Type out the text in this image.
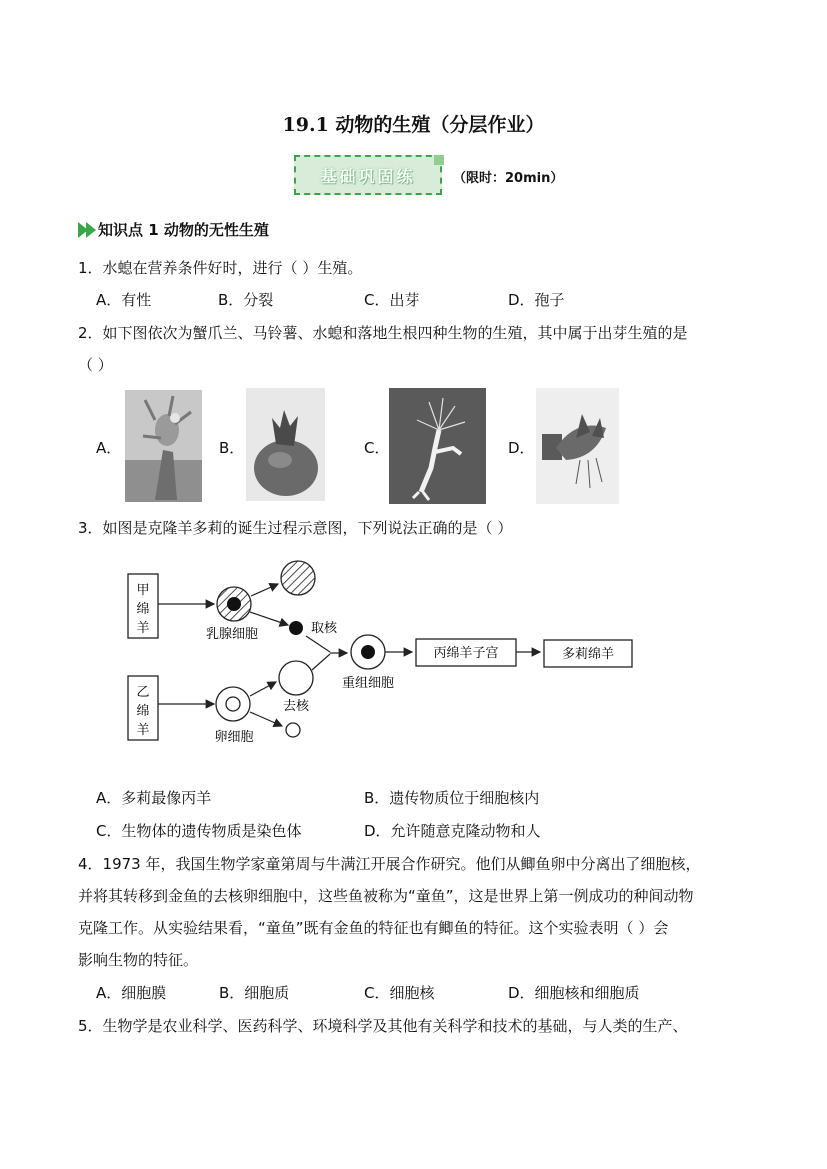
19.1 动物的生殖（分层作业）
基础巩固练	（限时：20min）
知识点 1 动物的无性生殖
1．水螅在营养条件好时，进行（ ）生殖。
A．有性	B．分裂	C．出芽	D．孢子
2．如下图依次为蟹爪兰、马铃薯、水螅和落地生根四种生物的生殖，其中属于出芽生殖的是
（ ）
A．	B．	C．	D．
3．如图是克隆羊多莉的诞生过程示意图，下列说法正确的是（ ）
甲
绵
羊	乳腺细胞	取核
乙
绵
羊	卵细胞
去核
重组细胞
丙绵羊子宫	多莉绵羊
A．多莉最像丙羊	B．遗传物质位于细胞核内
C．生物体的遗传物质是染色体	D．允许随意克隆动物和人
4．1973 年，我国生物学家童第周与牛满江开展合作研究。他们从鲫鱼卵中分离出了细胞核，
并将其转移到金鱼的去核卵细胞中，这些鱼被称为“童鱼”，这是世界上第一例成功的种间动物
克隆工作。从实验结果看，“童鱼”既有金鱼的特征也有鲫鱼的特征。这个实验表明（ ）会
影响生物的特征。
A．细胞膜	B．细胞质	C．细胞核	D．细胞核和细胞质
5．生物学是农业科学、医药科学、环境科学及其他有关科学和技术的基础，与人类的生产、
